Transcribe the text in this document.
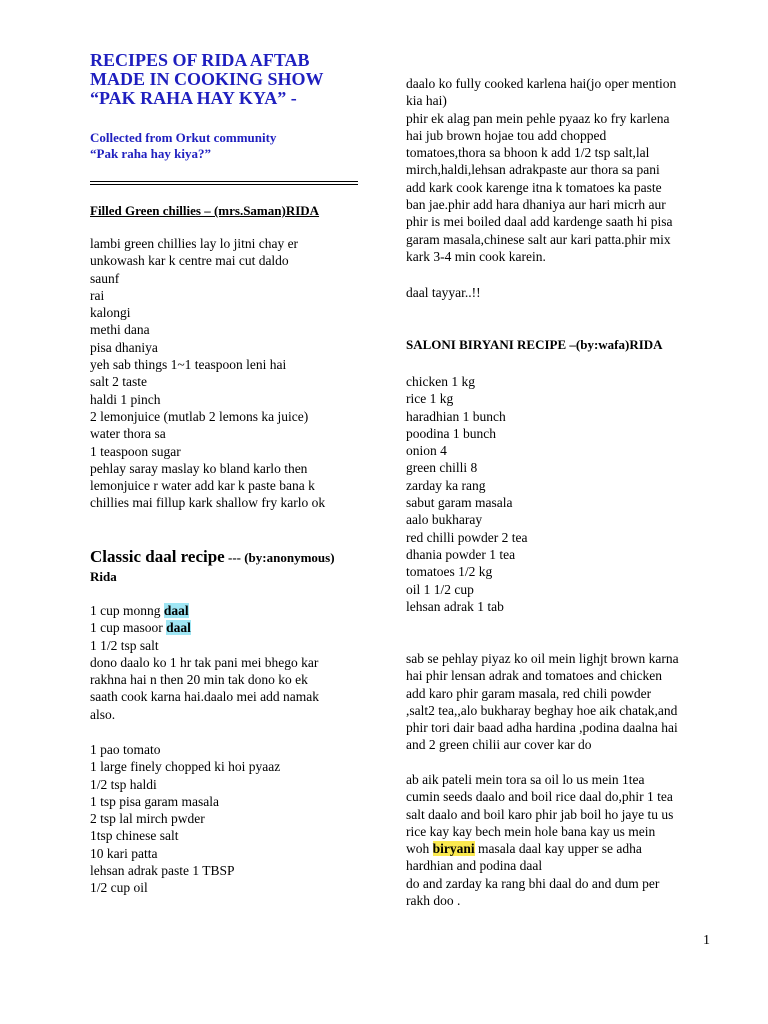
RECIPES OF RIDA AFTAB
MADE IN COOKING SHOW
“PAK RAHA HAY KYA” -
Collected from Orkut community
“Pak raha hay kiya?”
Filled Green chillies – (mrs.Saman)RIDA
lambi green chillies lay lo jitni chay er
unkowash kar k centre mai cut daldo
saunf
rai
kalongi
methi dana
pisa dhaniya
yeh sab things 1~1 teaspoon leni hai
salt 2 taste
haldi 1 pinch
2 lemonjuice (mutlab 2 lemons ka juice)
water thora sa
1 teaspoon sugar
pehlay saray maslay ko bland karlo then
lemonjuice r water add kar k paste bana k
chillies mai fillup kark shallow fry karlo ok
Classic daal recipe --- (by:anonymous)
Rida
1 cup monng daal
1 cup masoor daal
1 1/2 tsp salt
dono daalo ko 1 hr tak pani mei bhego kar
rakhna hai n then 20 min tak dono ko ek
saath cook karna hai.daalo mei add namak
also.
1 pao tomato
1 large finely chopped ki hoi pyaaz
1/2 tsp haldi
1 tsp pisa garam masala
2 tsp lal mirch pwder
1tsp chinese salt
10 kari patta
lehsan adrak paste 1 TBSP
1/2 cup oil
daalo ko fully cooked karlena hai(jo oper mention
kia hai)
phir ek alag pan mein pehle pyaaz ko fry karlena
hai jub brown hojae tou add chopped
tomatoes,thora sa bhoon k add 1/2 tsp salt,lal
mirch,haldi,lehsan adrakpaste aur thora sa pani
add kark cook karenge itna k tomatoes ka paste
ban jae.phir add hara dhaniya aur hari micrh aur
phir is mei boiled daal add kardenge saath hi pisa
garam masala,chinese salt aur kari patta.phir mix
kark 3-4 min cook karein.
daal tayyar..!!
SALONI BIRYANI RECIPE –(by:wafa)RIDA
chicken 1 kg
rice 1 kg
haradhian 1 bunch
poodina 1 bunch
onion 4
green chilli 8
zarday ka rang
sabut garam masala
aalo bukharay
red chilli powder 2 tea
dhania powder 1 tea
tomatoes 1/2 kg
oil 1 1/2 cup
lehsan adrak 1 tab
sab se pehlay piyaz ko oil mein lighjt brown karna
hai phir lensan adrak and tomatoes and chicken
add karo phir garam masala, red chili powder
,salt2 tea,,alo bukharay beghay hoe aik chatak,and
phir tori dair baad adha hardina ,podina daalna hai
and 2 green chilii aur cover kar do
ab aik pateli mein tora sa oil lo us mein 1tea
cumin seeds daalo and boil rice daal do,phir 1 tea
salt daalo and boil karo phir jab boil ho jaye tu us
rice kay kay bech mein hole bana kay us mein
woh biryani masala daal kay upper se adha
hardhian and podina daal
do and zarday ka rang bhi daal do and dum per
rakh doo .
1
